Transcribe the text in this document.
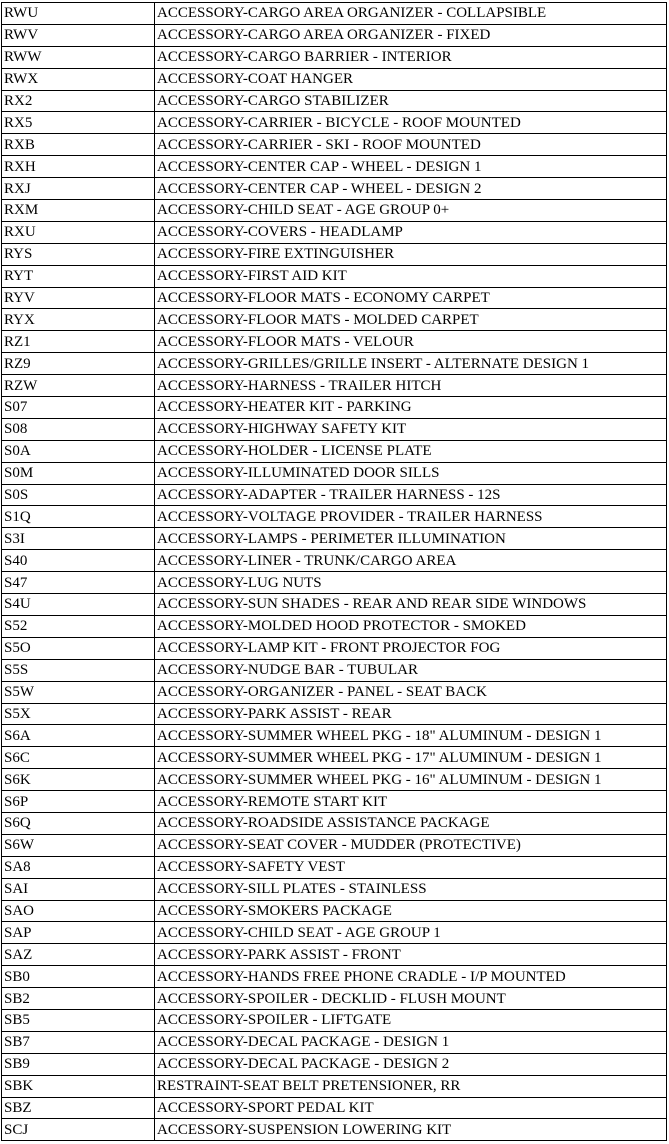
RWU	ACCESSORY-CARGO AREA ORGANIZER - COLLAPSIBLE
RWV	ACCESSORY-CARGO AREA ORGANIZER - FIXED
RWW	ACCESSORY-CARGO BARRIER - INTERIOR
RWX	ACCESSORY-COAT HANGER
RX2	ACCESSORY-CARGO STABILIZER
RX5	ACCESSORY-CARRIER - BICYCLE - ROOF MOUNTED
RXB	ACCESSORY-CARRIER - SKI - ROOF MOUNTED
RXH	ACCESSORY-CENTER CAP - WHEEL - DESIGN 1
RXJ	ACCESSORY-CENTER CAP - WHEEL - DESIGN 2
RXM	ACCESSORY-CHILD SEAT - AGE GROUP 0+
RXU	ACCESSORY-COVERS - HEADLAMP
RYS	ACCESSORY-FIRE EXTINGUISHER
RYT	ACCESSORY-FIRST AID KIT
RYV	ACCESSORY-FLOOR MATS - ECONOMY CARPET
RYX	ACCESSORY-FLOOR MATS - MOLDED CARPET
RZ1	ACCESSORY-FLOOR MATS - VELOUR
RZ9	ACCESSORY-GRILLES/GRILLE INSERT - ALTERNATE DESIGN 1
RZW	ACCESSORY-HARNESS - TRAILER HITCH
S07	ACCESSORY-HEATER KIT - PARKING
S08	ACCESSORY-HIGHWAY SAFETY KIT
S0A	ACCESSORY-HOLDER - LICENSE PLATE
S0M	ACCESSORY-ILLUMINATED DOOR SILLS
S0S	ACCESSORY-ADAPTER - TRAILER HARNESS - 12S
S1Q	ACCESSORY-VOLTAGE PROVIDER - TRAILER HARNESS
S3I	ACCESSORY-LAMPS - PERIMETER ILLUMINATION
S40	ACCESSORY-LINER - TRUNK/CARGO AREA
S47	ACCESSORY-LUG NUTS
S4U	ACCESSORY-SUN SHADES - REAR AND REAR SIDE WINDOWS
S52	ACCESSORY-MOLDED HOOD PROTECTOR - SMOKED
S5O	ACCESSORY-LAMP KIT - FRONT PROJECTOR FOG
S5S	ACCESSORY-NUDGE BAR - TUBULAR
S5W	ACCESSORY-ORGANIZER - PANEL - SEAT BACK
S5X	ACCESSORY-PARK ASSIST - REAR
S6A	ACCESSORY-SUMMER WHEEL PKG - 18" ALUMINUM - DESIGN 1
S6C	ACCESSORY-SUMMER WHEEL PKG - 17" ALUMINUM - DESIGN 1
S6K	ACCESSORY-SUMMER WHEEL PKG - 16" ALUMINUM - DESIGN 1
S6P	ACCESSORY-REMOTE START KIT
S6Q	ACCESSORY-ROADSIDE ASSISTANCE PACKAGE
S6W	ACCESSORY-SEAT COVER - MUDDER (PROTECTIVE)
SA8	ACCESSORY-SAFETY VEST
SAI	ACCESSORY-SILL PLATES - STAINLESS
SAO	ACCESSORY-SMOKERS PACKAGE
SAP	ACCESSORY-CHILD SEAT - AGE GROUP 1
SAZ	ACCESSORY-PARK ASSIST - FRONT
SB0	ACCESSORY-HANDS FREE PHONE CRADLE - I/P MOUNTED
SB2	ACCESSORY-SPOILER - DECKLID - FLUSH MOUNT
SB5	ACCESSORY-SPOILER - LIFTGATE
SB7	ACCESSORY-DECAL PACKAGE - DESIGN 1
SB9	ACCESSORY-DECAL PACKAGE - DESIGN 2
SBK	RESTRAINT-SEAT BELT PRETENSIONER, RR
SBZ	ACCESSORY-SPORT PEDAL KIT
SCJ	ACCESSORY-SUSPENSION LOWERING KIT
